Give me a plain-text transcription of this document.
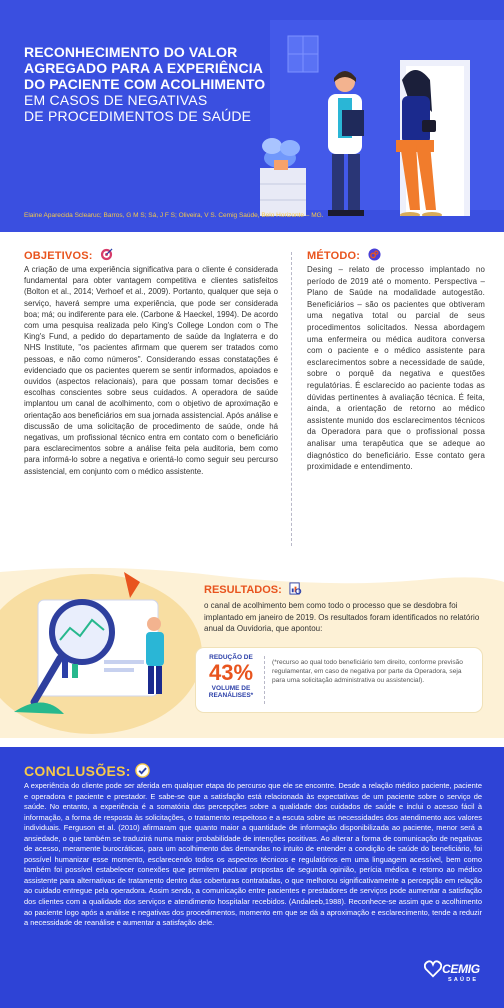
RECONHECIMENTO DO VALOR
AGREGADO PARA A EXPERIÊNCIA
DO PACIENTE COM ACOLHIMENTO
EM CASOS DE NEGATIVAS
DE PROCEDIMENTOS DE SAÚDE
Elaine Aparecida Sclearuc; Barros, G M S; Sá, J F S; Oliveira, V S. Cemig Saúde, Belo Horizonte – MG.
OBJETIVOS:
A criação de uma experiência significativa para o cliente é considerada fundamental para obter vantagem competitiva e clientes satisfeitos (Bolton et al., 2014; Verhoef et al., 2009). Portanto, qualquer que seja o serviço, haverá sempre uma experiência, que pode ser considerada boa; má; ou indiferente para ele. (Carbone & Haeckel, 1994). De acordo com uma pesquisa realizada pelo King's College London com o The King's Fund, a pedido do departamento de saúde da Inglaterra e do NHS Institute, "os pacientes afirmam que querem ser tratados como pessoas, e não como números". Considerando essas constatações é evidenciado que os pacientes querem se sentir informados, apoiados e ouvidos (aspectos relacionais), para que possam tomar decisões e escolhas conscientes sobre seus cuidados. A operadora de saúde implantou um canal de acolhimento, com o objetivo de aproximação e orientação aos beneficiários em sua jornada assistencial. Após análise e discussão de uma solicitação de procedimento de saúde, onde há negativas, um profissional técnico entra em contato com o beneficiário para esclarecimentos sobre a análise feita pela auditoria, bem como para informá-lo sobre a negativa e orientá-lo como seguir seu percurso assistencial, em conjunto com o médico assistente.
MÉTODO:
Desing – relato de processo implantado no período de 2019 até o momento. Perspectiva – Plano de Saúde na modalidade autogestão. Beneficiários – são os pacientes que obtiveram uma negativa total ou parcial de seus procedimentos solicitados. Nessa abordagem uma enfermeira ou médica auditora conversa com o paciente e o médico assistente para esclarecimentos sobre a necessidade de saúde, sobre o porquê da negativa e questões regulatórias. É esclarecido ao paciente todas as dúvidas pertinentes à avaliação técnica. É feita, ainda, a orientação de retorno ao médico assistente munido dos esclarecimentos técnicos da Operadora para que o profissional possa analisar uma terapêutica que se adeque ao diagnóstico do beneficiário. Esse contato gera proximidade e entendimento.
RESULTADOS:
o canal de acolhimento bem como todo o processo que se desdobra foi implantado em janeiro de 2019. Os resultados foram identificados no relatório anual da Ouvidoria, que apontou:
REDUÇÃO DE
43%
VOLUME DE REANÁLISES*
(*recurso ao qual todo beneficiário tem direito, conforme previsão regulamentar, em caso de negativa por parte da Operadora, seja para uma solicitação administrativa ou assistencial).
CONCLUSÕES:
A experiência do cliente pode ser aferida em qualquer etapa do percurso que ele se encontre. Desde a relação médico paciente, paciente e operadora e paciente e prestador. E sabe-se que a satisfação está relacionada às expectativas de um paciente sobre o serviço de saúde. No entanto, a experiência é a somatória das percepções sobre a qualidade dos cuidados de saúde e inclui o acesso fácil à informação, a forma de resposta às solicitações, o tratamento respeitoso e a escuta sobre as necessidades dos atendimento aos valores individuais. Ferguson et al. (2010) afirmaram que quanto maior a quantidade de informação disponibilizada ao paciente, menor será a ansiedade, o que também se traduzirá numa maior probabilidade de intenções positivas. Ao alterar a forma de comunicação de negativas de acesso, meramente burocráticas, para um acolhimento das demandas no intuito de entender a condição de saúde do beneficiário, foi possível humanizar esse momento, esclarecendo todos os aspectos técnicos e regulatórios em uma linguagem acessível, bem como também foi possível estabelecer conexões que permitem pactuar propostas de segunda opinião, perícia médica e retorno ao médico assistente para alternativas de tratamento dentro das coberturas contratadas, o que melhorou significativamente a percepção em relação ao cuidado entregue pela operadora. Assim sendo, a comunicação entre pacientes e prestadores de serviços pode aumentar a satisfação dos clientes com a qualidade dos serviços e atendimento hospitalar recebidos. (Andaleeb,1988). Reconhece-se assim que o acolhimento ao paciente logo após a análise e negativas dos procedimentos, momento em que se dá a aproximação e esclarecimento, tende a reduzir a necessidade de reanálise e aumentar a satisfação dele.
CEMIG
SAÚDE
